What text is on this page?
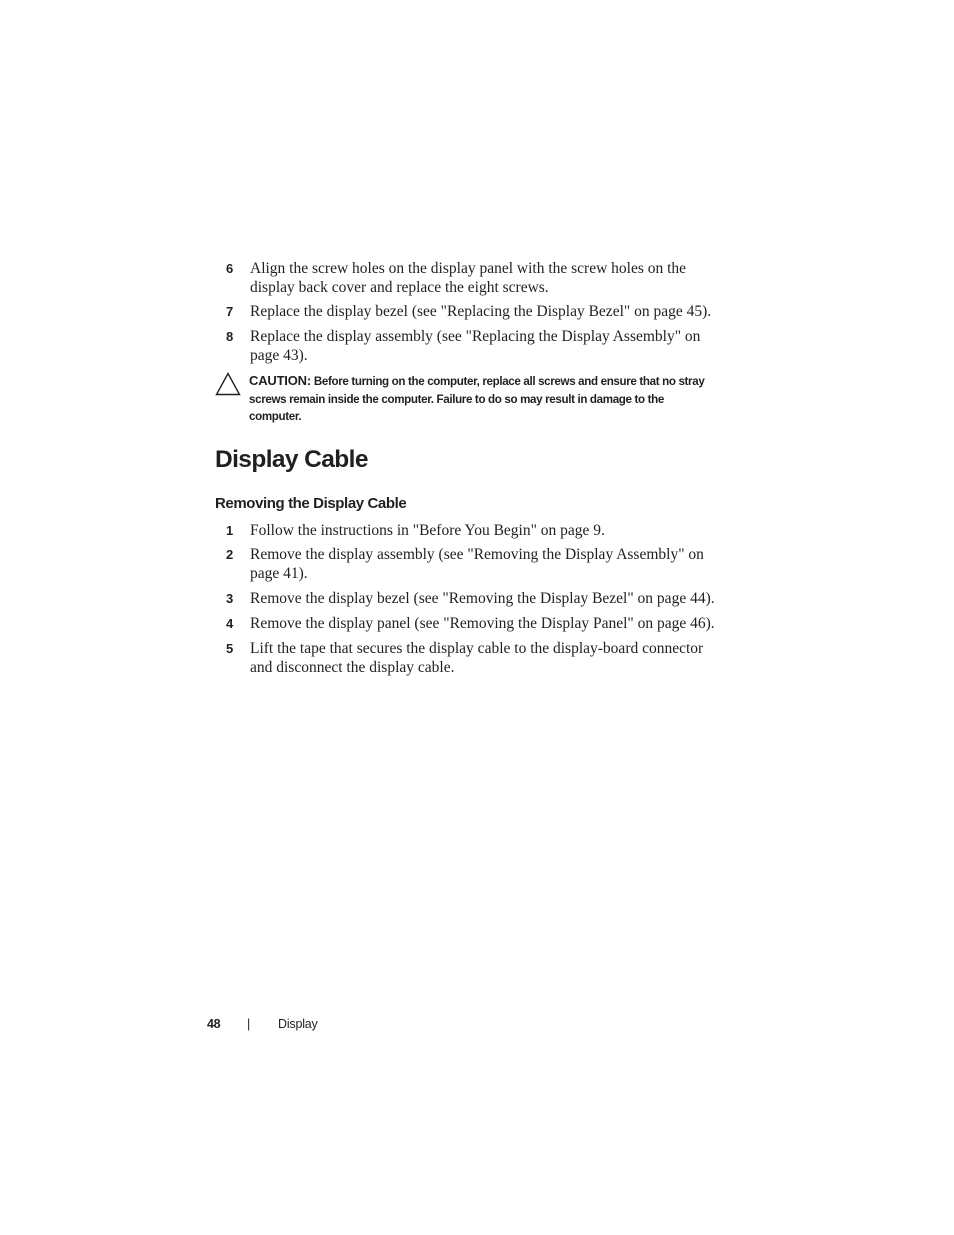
6	Align the screw holes on the display panel with the screw holes on the display back cover and replace the eight screws.
7	Replace the display bezel (see "Replacing the Display Bezel" on page 45).
8	Replace the display assembly (see "Replacing the Display Assembly" on page 43).
CAUTION: Before turning on the computer, replace all screws and ensure that no stray screws remain inside the computer. Failure to do so may result in damage to the computer.
Display Cable
Removing the Display Cable
1	Follow the instructions in "Before You Begin" on page 9.
2	Remove the display assembly (see "Removing the Display Assembly" on page 41).
3	Remove the display bezel (see "Removing the Display Bezel" on page 44).
4	Remove the display panel (see "Removing the Display Panel" on page 46).
5	Lift the tape that secures the display cable to the display-board connector and disconnect the display cable.
48 | Display
